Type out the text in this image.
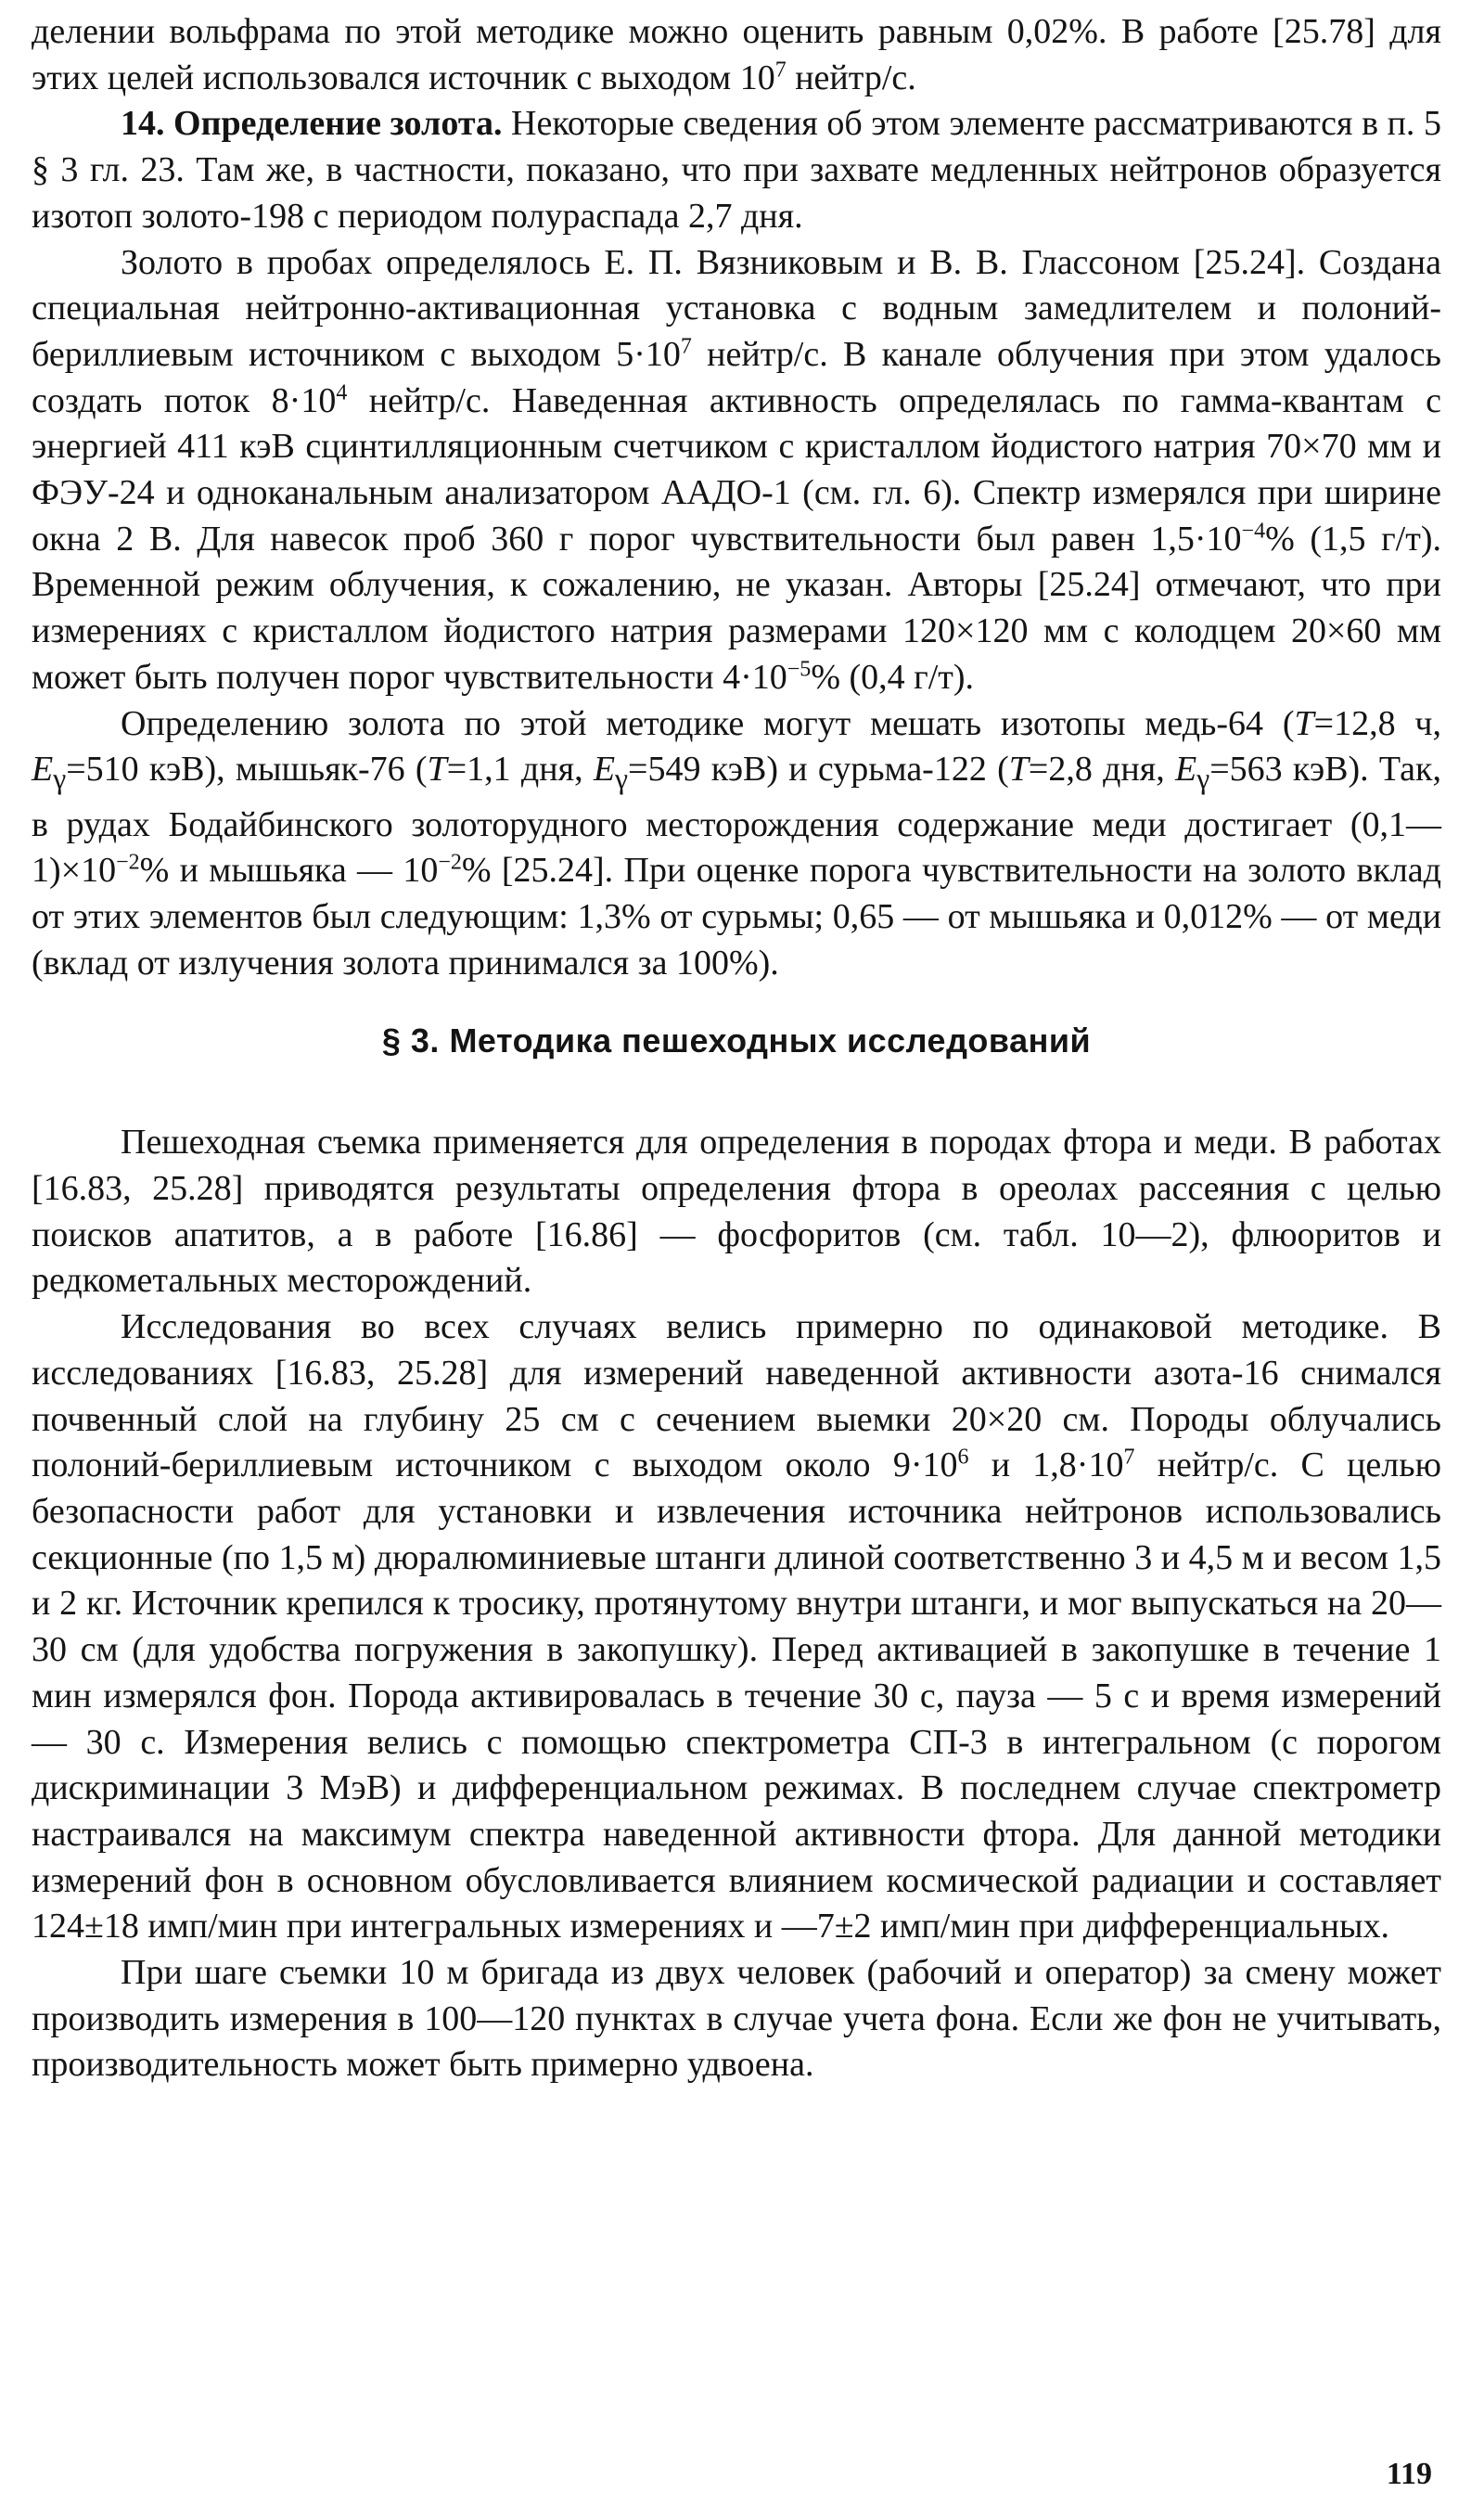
делении вольфрама по этой методике можно оценить равным 0,02%. В работе [25.78] для этих целей использовался источник с выходом $10^7$ нейтр/с.

14. Определение золота. Некоторые сведения об этом элементе рассматриваются в п. 5 § 3 гл. 23. Там же, в частности, показано, что при захвате медленных нейтронов образуется изотоп золото-198 с периодом полураспада 2,7 дня.

Золото в пробах определялось Е. П. Вязниковым и В. В. Глассоном [25.24]. Создана специальная нейтронно-активационная установка с водным замедлителем и полоний-бериллиевым источником с выходом $5\cdot 10^7$ нейтр/с. В канале облучения при этом удалось создать поток $8\cdot 10^4$ нейтр/с. Наведенная активность определялась по гамма-квантам с энергией 411 кэВ сцинтилляционным счетчиком с кристаллом йодистого натрия 70×70 мм и ФЭУ-24 и одноканальным анализатором ААДО-1 (см. гл. 6). Спектр измерялся при ширине окна 2 В. Для навесок проб 360 г порог чувствительности был равен $1,5\cdot 10^{-4}\%$ (1,5 г/т). Временной режим облучения, к сожалению, не указан. Авторы [25.24] отмечают, что при измерениях с кристаллом йодистого натрия размерами 120×120 мм с колодцем 20×60 мм может быть получен порог чувствительности $4\cdot 10^{-5}\%$ (0,4 г/т).

Определению золота по этой методике могут мешать изотопы медь-64 (T=12,8 ч, $E_\gamma=510$ кэВ), мышьяк-76 (T=1,1 дня, $E_\gamma=549$ кэВ) и сурьма-122 (T=2,8 дня, $E_\gamma=563$ кэВ). Так, в рудах Бодайбинского золоторудного месторождения содержание меди достигает $(0,1—1)\times 10^{-2}\%$ и мышьяка — $10^{-2}\%$ [25.24]. При оценке порога чувствительности на золото вклад от этих элементов был следующим: 1,3% от сурьмы; 0,65 — от мышьяка и 0,012% — от меди (вклад от излучения золота принимался за 100%).

§ 3. Методика пешеходных исследований

Пешеходная съемка применяется для определения в породах фтора и меди. В работах [16.83, 25.28] приводятся результаты определения фтора в ореолах рассеяния с целью поисков апатитов, а в работе [16.86] — фосфоритов (см. табл. 10—2), флюоритов и редкометальных месторождений.

Исследования во всех случаях велись примерно по одинаковой методике. В исследованиях [16.83, 25.28] для измерений наведенной активности азота-16 снимался почвенный слой на глубину 25 см с сечением выемки 20×20 см. Породы облучались полоний-бериллиевым источником с выходом около $9\cdot 10^6$ и $1,8\cdot 10^7$ нейтр/с. С целью безопасности работ для установки и извлечения источника нейтронов использовались секционные (по 1,5 м) дюралюминиевые штанги длиной соответственно 3 и 4,5 м и весом 1,5 и 2 кг. Источник крепился к тросику, протянутому внутри штанги, и мог выпускаться на 20—30 см (для удобства погружения в закопушку). Перед активацией в закопушке в течение 1 мин измерялся фон. Порода активировалась в течение 30 с, пауза — 5 с и время измерений — 30 с. Измерения велись с помощью спектрометра СП-3 в интегральном (с порогом дискриминации 3 МэВ) и дифференциальном режимах. В последнем случае спектрометр настраивался на максимум спектра наведенной активности фтора. Для данной методики измерений фон в основном обусловливается влиянием космической радиации и составляет 124±18 имп/мин при интегральных измерениях и —7±2 имп/мин при дифференциальных.

При шаге съемки 10 м бригада из двух человек (рабочий и оператор) за смену может производить измерения в 100—120 пунктах в случае учета фона. Если же фон не учитывать, производительность может быть примерно удвоена.

119
